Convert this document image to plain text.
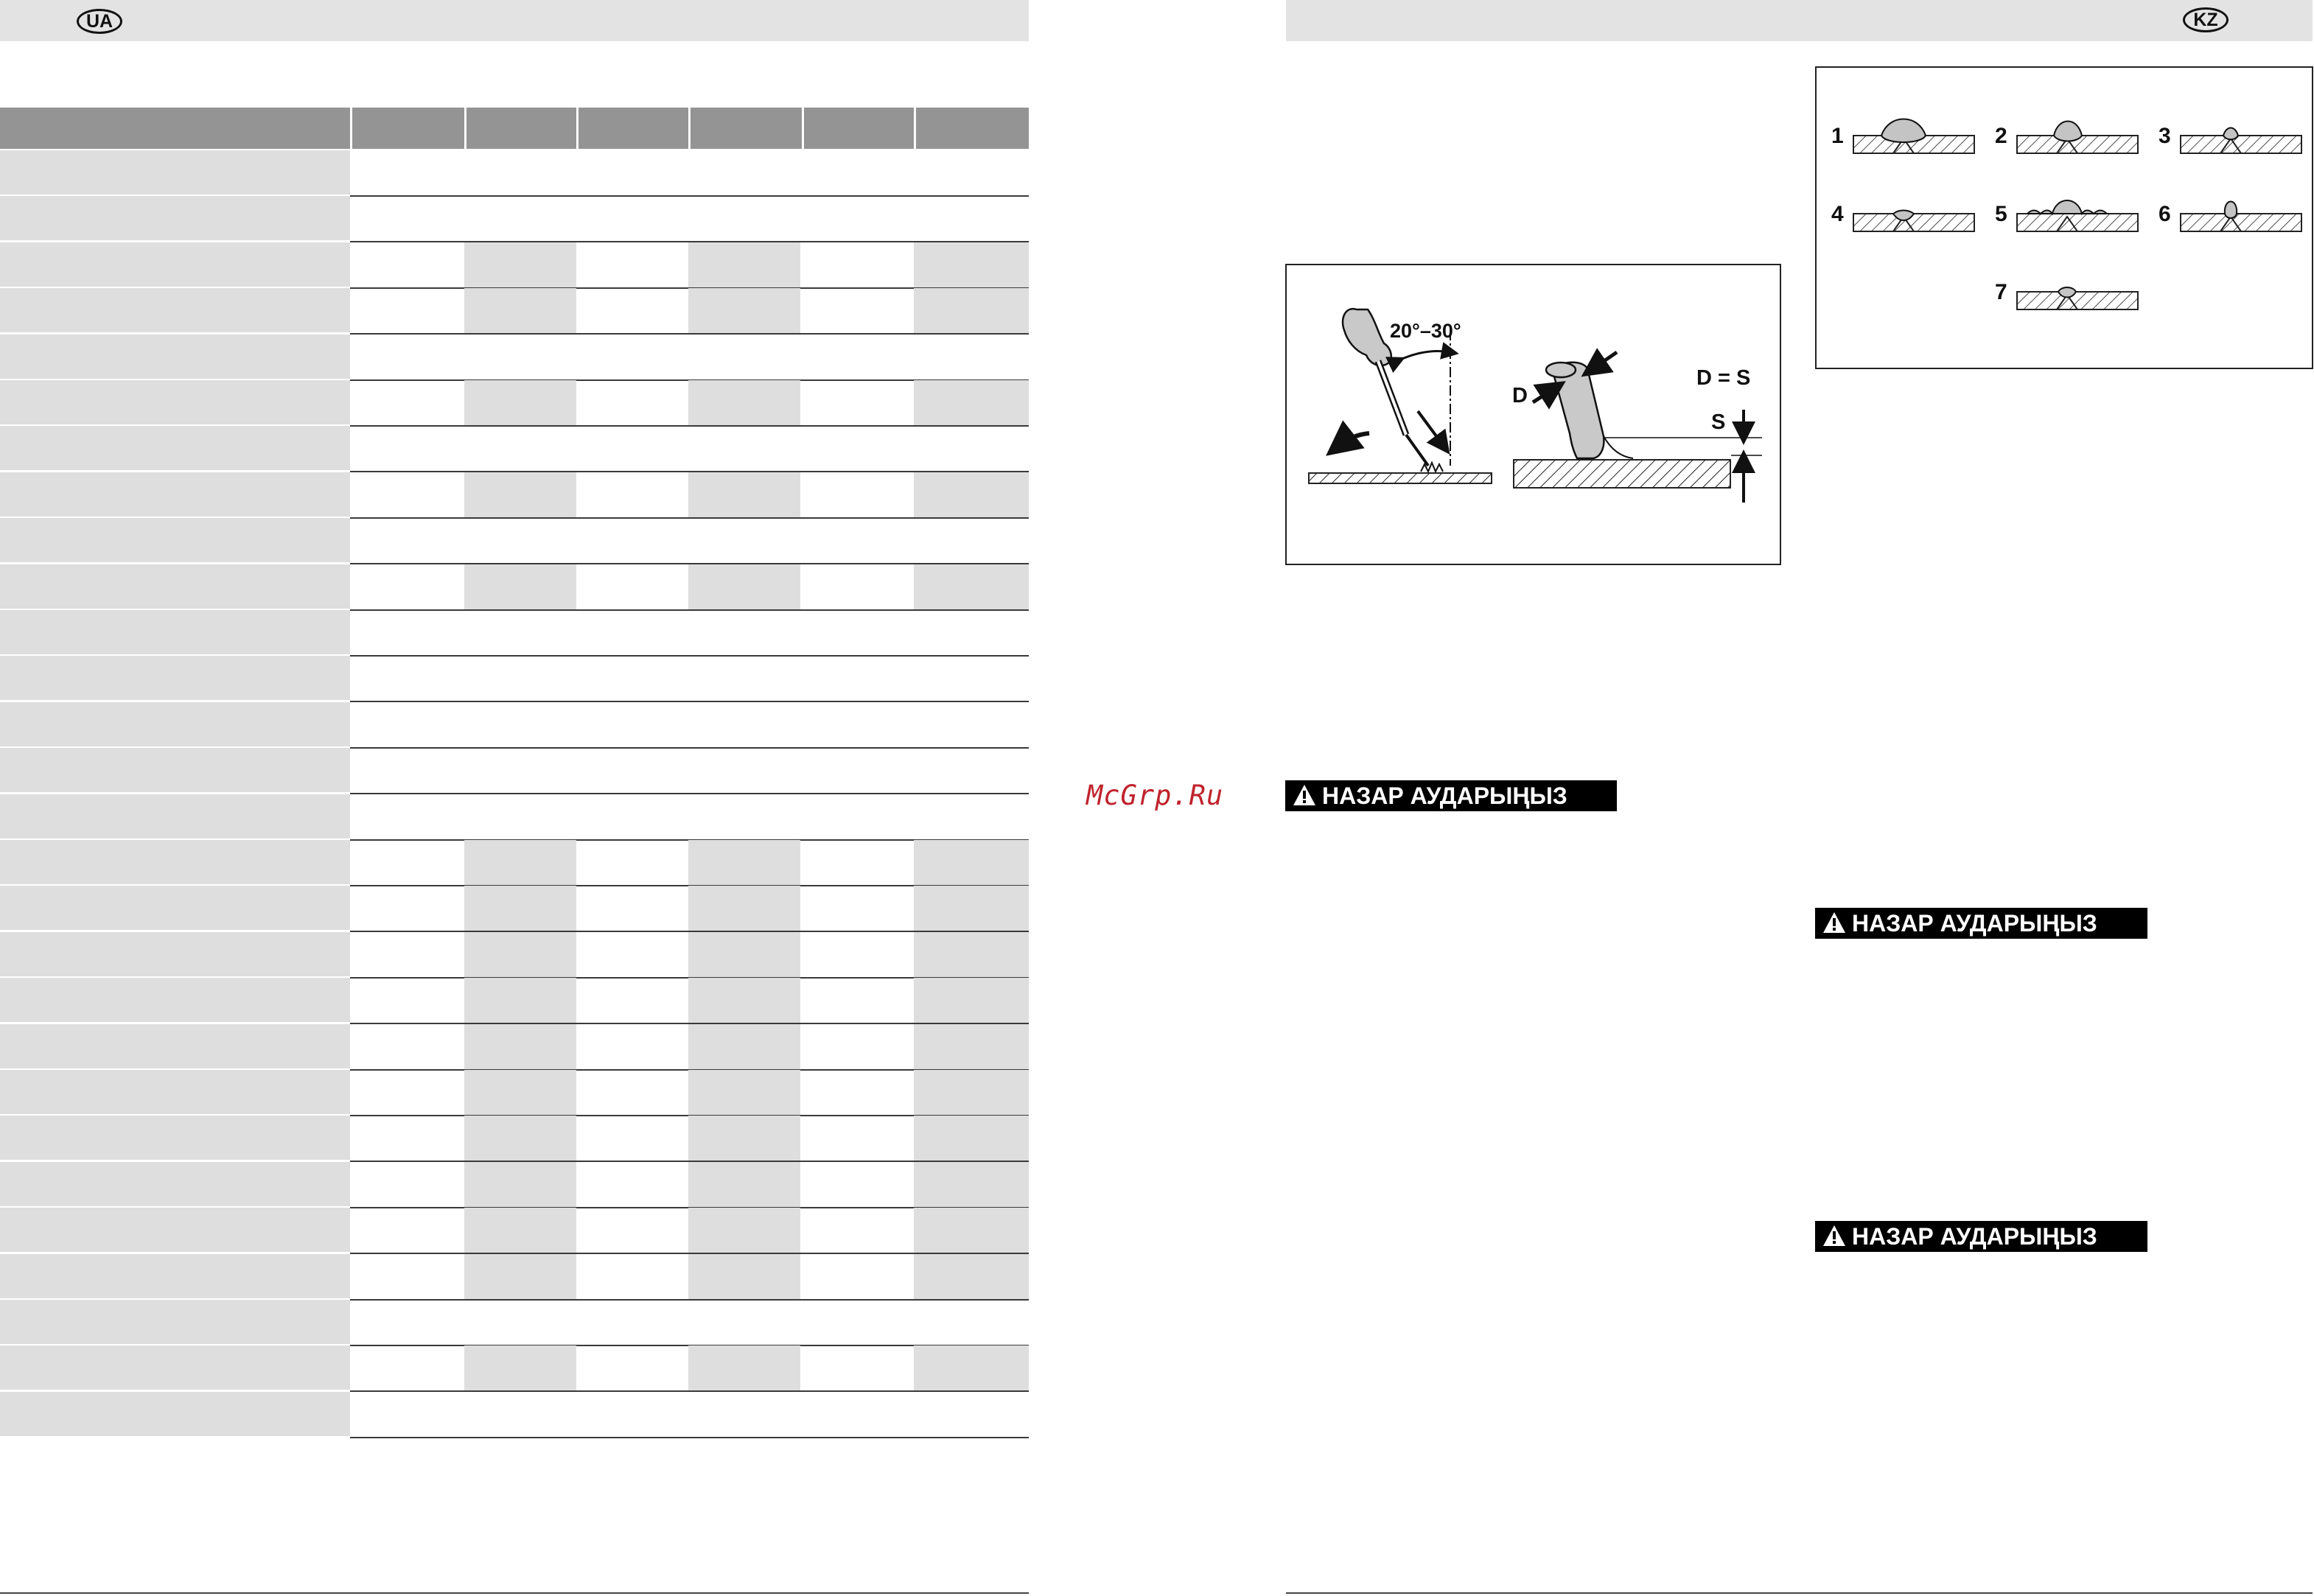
UA	KZ
McGrp.Ru
20°–30°
D
D = S
S
1	2	3
4	5	6
7
НАЗАР АУДАРЫҢЫЗ
НАЗАР АУДАРЫҢЫЗ
НАЗАР АУДАРЫҢЫЗ
